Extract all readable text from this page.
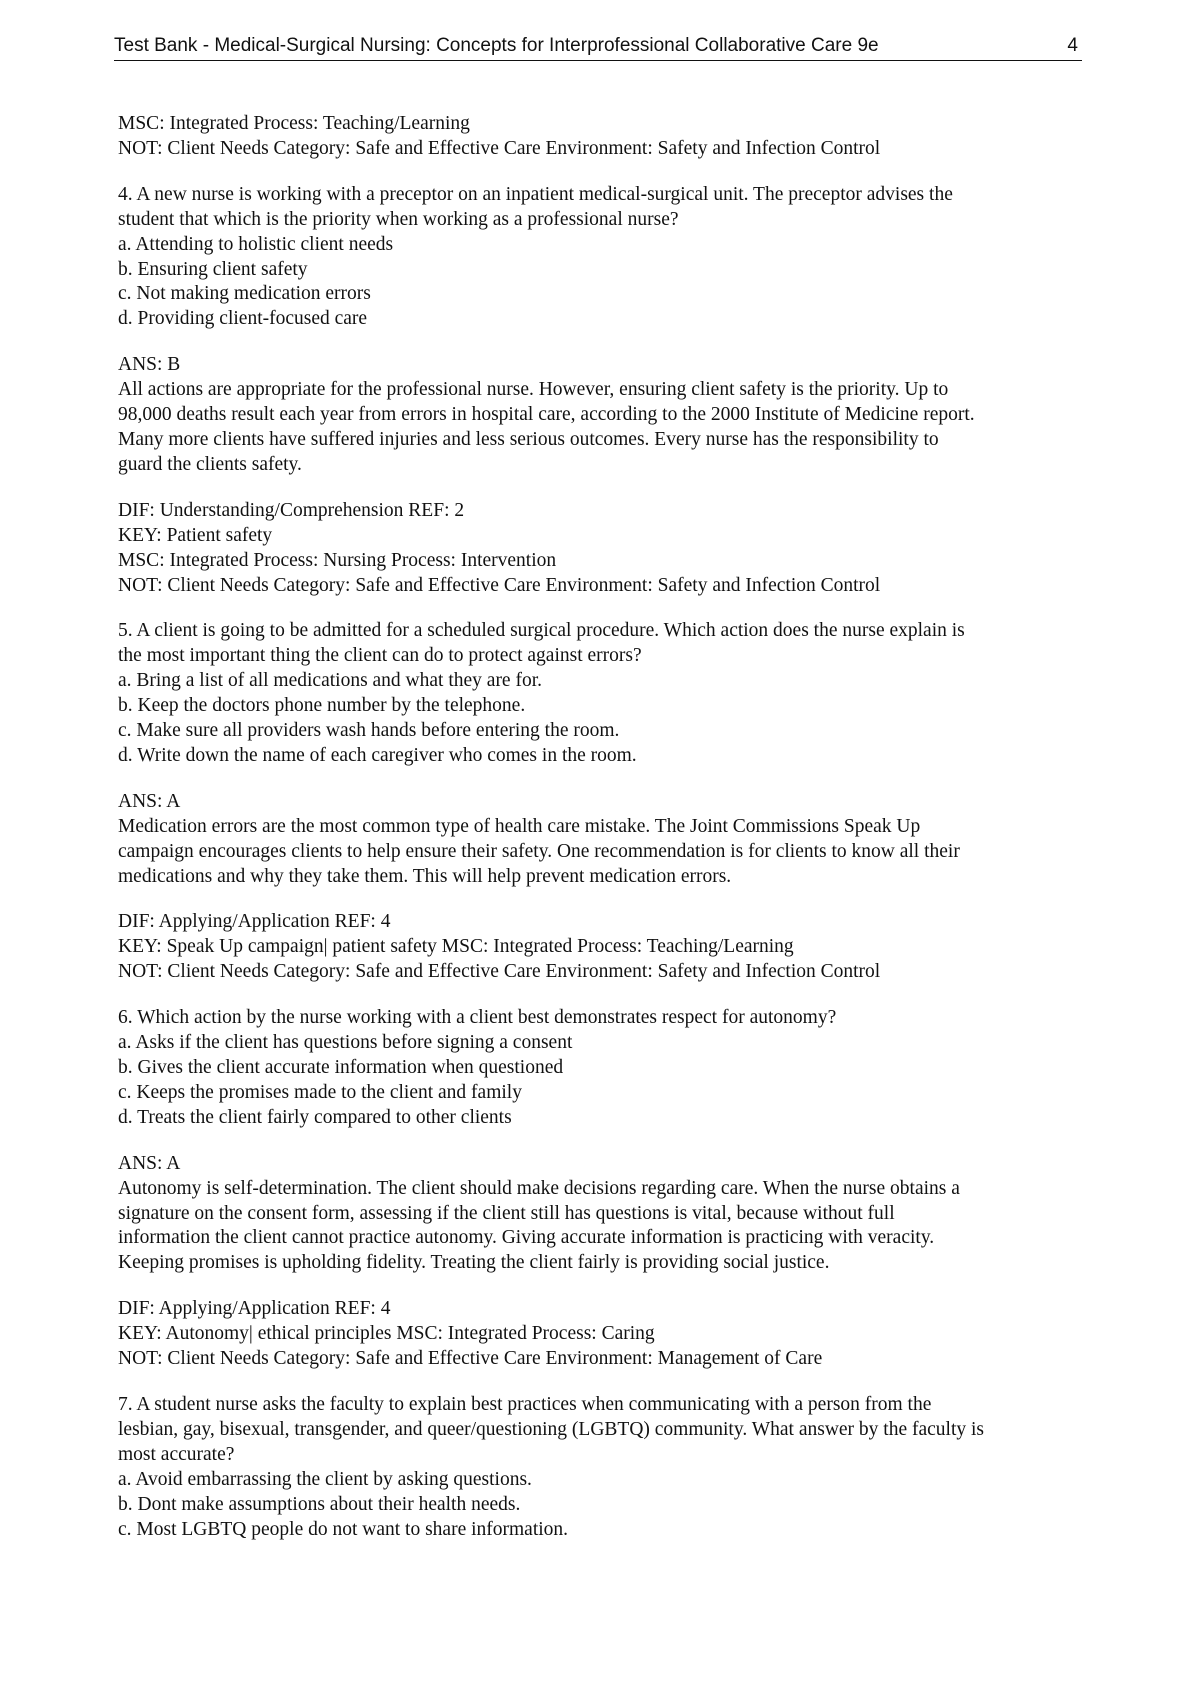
Test Bank - Medical-Surgical Nursing: Concepts for Interprofessional Collaborative Care 9e	4
MSC: Integrated Process: Teaching/Learning
NOT: Client Needs Category: Safe and Effective Care Environment: Safety and Infection Control
4. A new nurse is working with a preceptor on an inpatient medical-surgical unit. The preceptor advises the
student that which is the priority when working as a professional nurse?
a. Attending to holistic client needs
b. Ensuring client safety
c. Not making medication errors
d. Providing client-focused care
ANS: B
All actions are appropriate for the professional nurse. However, ensuring client safety is the priority. Up to
98,000 deaths result each year from errors in hospital care, according to the 2000 Institute of Medicine report.
Many more clients have suffered injuries and less serious outcomes. Every nurse has the responsibility to
guard the clients safety.
DIF: Understanding/Comprehension REF: 2
KEY: Patient safety
MSC: Integrated Process: Nursing Process: Intervention
NOT: Client Needs Category: Safe and Effective Care Environment: Safety and Infection Control
5. A client is going to be admitted for a scheduled surgical procedure. Which action does the nurse explain is
the most important thing the client can do to protect against errors?
a. Bring a list of all medications and what they are for.
b. Keep the doctors phone number by the telephone.
c. Make sure all providers wash hands before entering the room.
d. Write down the name of each caregiver who comes in the room.
ANS: A
Medication errors are the most common type of health care mistake. The Joint Commissions Speak Up
campaign encourages clients to help ensure their safety. One recommendation is for clients to know all their
medications and why they take them. This will help prevent medication errors.
DIF: Applying/Application REF: 4
KEY: Speak Up campaign| patient safety MSC: Integrated Process: Teaching/Learning
NOT: Client Needs Category: Safe and Effective Care Environment: Safety and Infection Control
6. Which action by the nurse working with a client best demonstrates respect for autonomy?
a. Asks if the client has questions before signing a consent
b. Gives the client accurate information when questioned
c. Keeps the promises made to the client and family
d. Treats the client fairly compared to other clients
ANS: A
Autonomy is self-determination. The client should make decisions regarding care. When the nurse obtains a
signature on the consent form, assessing if the client still has questions is vital, because without full
information the client cannot practice autonomy. Giving accurate information is practicing with veracity.
Keeping promises is upholding fidelity. Treating the client fairly is providing social justice.
DIF: Applying/Application REF: 4
KEY: Autonomy| ethical principles MSC: Integrated Process: Caring
NOT: Client Needs Category: Safe and Effective Care Environment: Management of Care
7. A student nurse asks the faculty to explain best practices when communicating with a person from the
lesbian, gay, bisexual, transgender, and queer/questioning (LGBTQ) community. What answer by the faculty is
most accurate?
a. Avoid embarrassing the client by asking questions.
b. Dont make assumptions about their health needs.
c. Most LGBTQ people do not want to share information.
